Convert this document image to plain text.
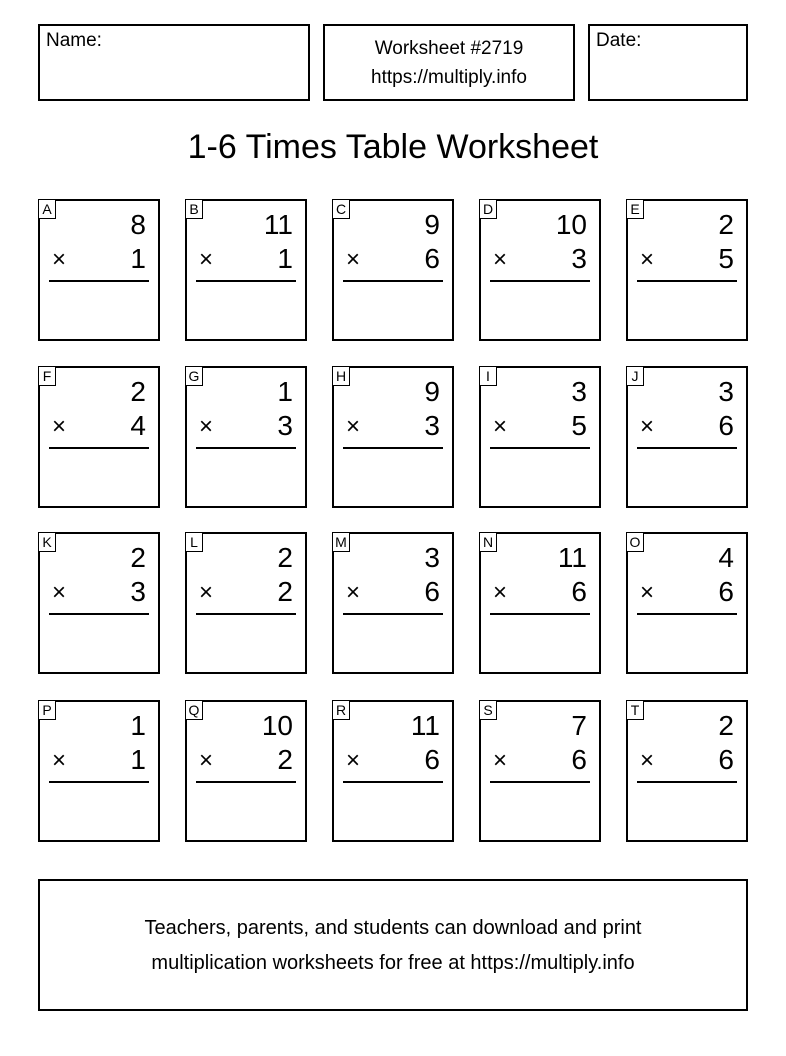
Name:	Worksheet #2719
https://multiply.info
Date:
1-6 Times Table Worksheet
A	8
× 1
B 11
× 1
C	9
× 6
D 10
× 3
E	2
× 5
F	2
× 4
G	1
× 3
H	9
× 3
I	3
× 5
J	3
× 6
K	2
× 3
L	2
× 2
M	3
× 6
N 11
× 6
O	4
× 6
P	1
× 1
Q 10
× 2
R 11
× 6
S	7
× 6
T	2
× 6
Teachers, parents, and students can download and print
multiplication worksheets for free at https://multiply.info
